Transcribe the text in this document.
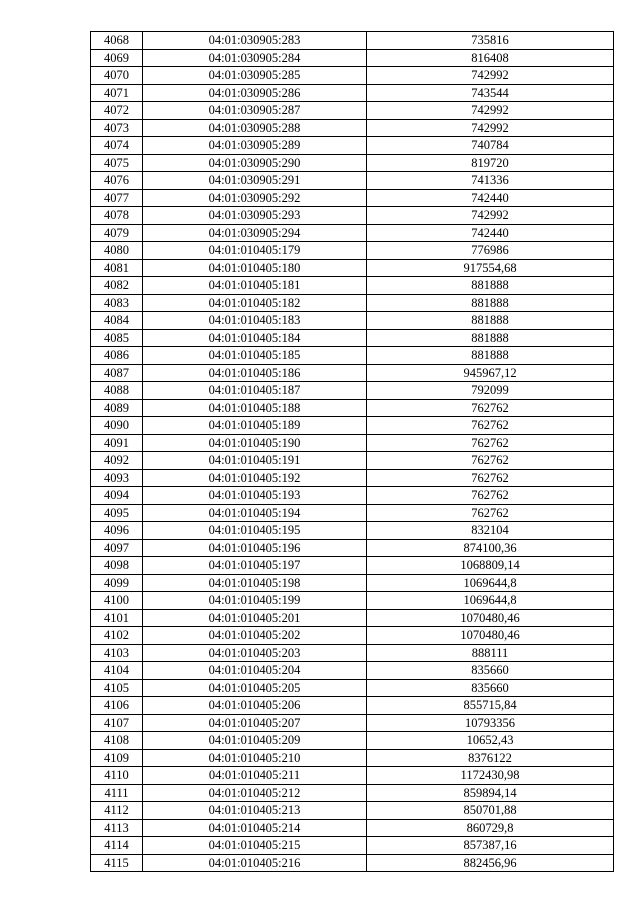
4068	04:01:030905:283	735816
4069	04:01:030905:284	816408
4070	04:01:030905:285	742992
4071	04:01:030905:286	743544
4072	04:01:030905:287	742992
4073	04:01:030905:288	742992
4074	04:01:030905:289	740784
4075	04:01:030905:290	819720
4076	04:01:030905:291	741336
4077	04:01:030905:292	742440
4078	04:01:030905:293	742992
4079	04:01:030905:294	742440
4080	04:01:010405:179	776986
4081	04:01:010405:180	917554,68
4082	04:01:010405:181	881888
4083	04:01:010405:182	881888
4084	04:01:010405:183	881888
4085	04:01:010405:184	881888
4086	04:01:010405:185	881888
4087	04:01:010405:186	945967,12
4088	04:01:010405:187	792099
4089	04:01:010405:188	762762
4090	04:01:010405:189	762762
4091	04:01:010405:190	762762
4092	04:01:010405:191	762762
4093	04:01:010405:192	762762
4094	04:01:010405:193	762762
4095	04:01:010405:194	762762
4096	04:01:010405:195	832104
4097	04:01:010405:196	874100,36
4098	04:01:010405:197	1068809,14
4099	04:01:010405:198	1069644,8
4100	04:01:010405:199	1069644,8
4101	04:01:010405:201	1070480,46
4102	04:01:010405:202	1070480,46
4103	04:01:010405:203	888111
4104	04:01:010405:204	835660
4105	04:01:010405:205	835660
4106	04:01:010405:206	855715,84
4107	04:01:010405:207	10793356
4108	04:01:010405:209	10652,43
4109	04:01:010405:210	8376122
4110	04:01:010405:211	1172430,98
4111	04:01:010405:212	859894,14
4112	04:01:010405:213	850701,88
4113	04:01:010405:214	860729,8
4114	04:01:010405:215	857387,16
4115	04:01:010405:216	882456,96
